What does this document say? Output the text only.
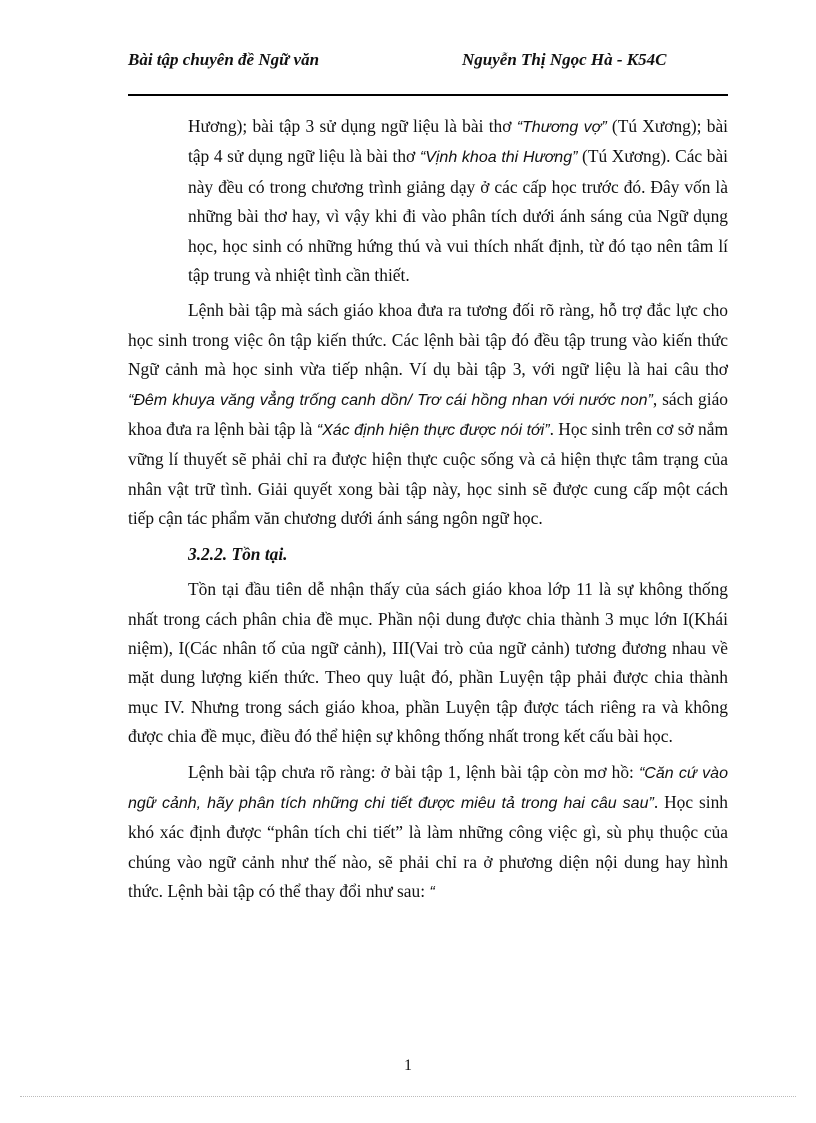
Bài tập chuyên đề Ngữ văn	Nguyễn Thị Ngọc Hà - K54C

Hương); bài tập 3 sử dụng ngữ liệu là bài thơ “Thương vợ” (Tú Xương); bài tập 4 sử dụng ngữ liệu là bài thơ “Vịnh khoa thi Hương” (Tú Xương). Các bài này đều có trong chương trình giảng dạy ở các cấp học trước đó. Đây vốn là những bài thơ hay, vì vậy khi đi vào phân tích dưới ánh sáng của Ngữ dụng học, học sinh có những hứng thú và vui thích nhất định, từ đó tạo nên tâm lí tập trung và nhiệt tình cần thiết.

Lệnh bài tập mà sách giáo khoa đưa ra tương đối rõ ràng, hỗ trợ đắc lực cho học sinh trong việc ôn tập kiến thức. Các lệnh bài tập đó đều tập trung vào kiến thức Ngữ cảnh mà học sinh vừa tiếp nhận. Ví dụ bài tập 3, với ngữ liệu là hai câu thơ “Đêm khuya văng vẳng trống canh dồn/ Trơ cái hồng nhan với nước non”, sách giáo khoa đưa ra lệnh bài tập là “Xác định hiện thực được nói tới”. Học sinh trên cơ sở nắm vững lí thuyết sẽ phải chỉ ra được hiện thực cuộc sống và cả hiện thực tâm trạng của nhân vật trữ tình. Giải quyết xong bài tập này, học sinh sẽ được cung cấp một cách tiếp cận tác phẩm văn chương dưới ánh sáng ngôn ngữ học.

3.2.2. Tồn tại.

Tồn tại đầu tiên dễ nhận thấy của sách giáo khoa lớp 11 là sự không thống nhất trong cách phân chia đề mục. Phần nội dung được chia thành 3 mục lớn I(Khái niệm), I(Các nhân tố của ngữ cảnh), III(Vai trò của ngữ cảnh) tương đương nhau về mặt dung lượng kiến thức. Theo quy luật đó, phần Luyện tập phải được chia thành mục IV. Nhưng trong sách giáo khoa, phần Luyện tập được tách riêng ra và không được chia đề mục, điều đó thể hiện sự không thống nhất trong kết cấu bài học.

Lệnh bài tập chưa rõ ràng: ở bài tập 1, lệnh bài tập còn mơ hồ: “Căn cứ vào ngữ cảnh, hãy phân tích những chi tiết được miêu tả trong hai câu sau”. Học sinh khó xác định được “phân tích chi tiết” là làm những công việc gì, sù phụ thuộc của chúng vào ngữ cảnh như thế nào, sẽ phải chỉ ra ở phương diện nội dung hay hình thức. Lệnh bài tập có thể thay đổi như sau: “

1
